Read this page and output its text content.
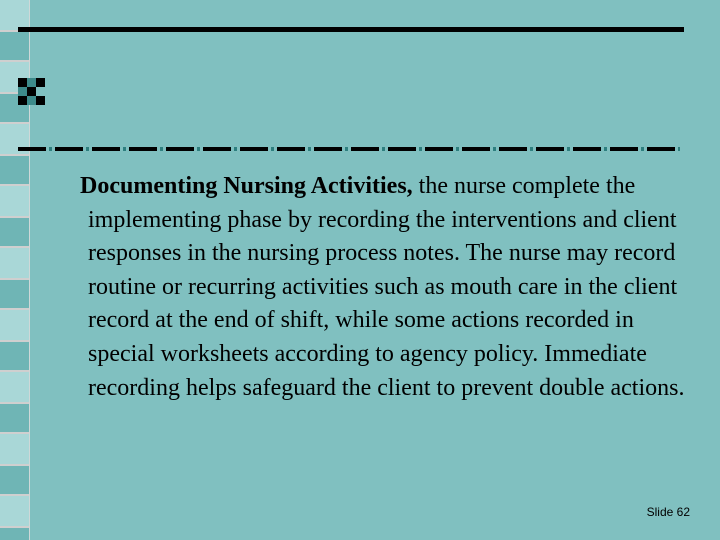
Documenting Nursing Activities, the nurse complete the implementing phase by recording the interventions and client responses in the nursing process notes. The nurse may record routine or recurring activities such as mouth care in the client record at the end of shift, while some actions recorded in special worksheets according to agency policy. Immediate recording helps safeguard the client to prevent double actions.

Slide 62
